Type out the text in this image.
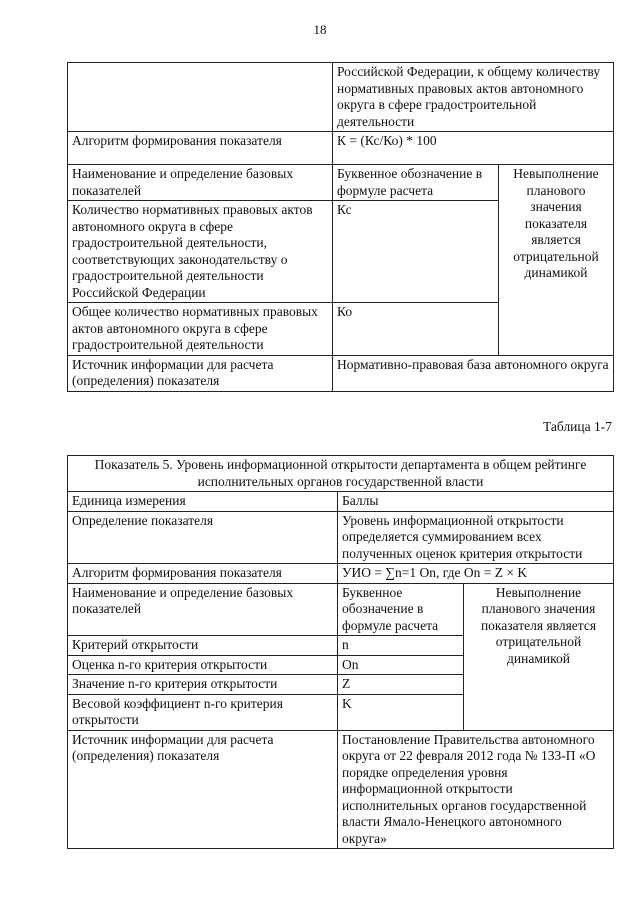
18
	Российской Федерации, к общему количеству нормативных правовых актов автономного округа в сфере градостроительной деятельности	
Алгоритм формирования показателя	К = (Кс/Ко) * 100	
Наименование и определение базовых показателей	Буквенное обозначение в формуле расчета	Невыполнение планового значения показателя является отрицательной динамикой
Количество нормативных правовых актов автономного округа в сфере градостроительной деятельности, соответствующих законодательству о градостроительной деятельности Российской Федерации	Кс	
Общее количество нормативных правовых актов автономного округа в сфере градостроительной деятельности	Ко	
Источник информации для расчета (определения) показателя	Нормативно-правовая база автономного округа	
Таблица 1-7
Показатель 5. Уровень информационной открытости департамента в общем рейтинге исполнительных органов государственной власти		
Единица измерения	Баллы	
Определение показателя	Уровень информационной открытости определяется суммированием всех полученных оценок критерия открытости	
Алгоритм формирования показателя	УИО = ∑n=1 On, где On = Z × K	
Наименование и определение базовых показателей	Буквенное обозначение в формуле расчета	Невыполнение планового значения показателя является отрицательной динамикой
Критерий открытости	n	
Оценка n-го критерия открытости	On	
Значение n-го критерия открытости	Z	
Весовой коэффициент n-го критерия открытости	K	
Источник информации для расчета (определения) показателя	Постановление Правительства автономного округа от 22 февраля 2012 года № 133-П «О порядке определения уровня информационной открытости исполнительных органов государственной власти Ямало-Ненецкого автономного округа»	
